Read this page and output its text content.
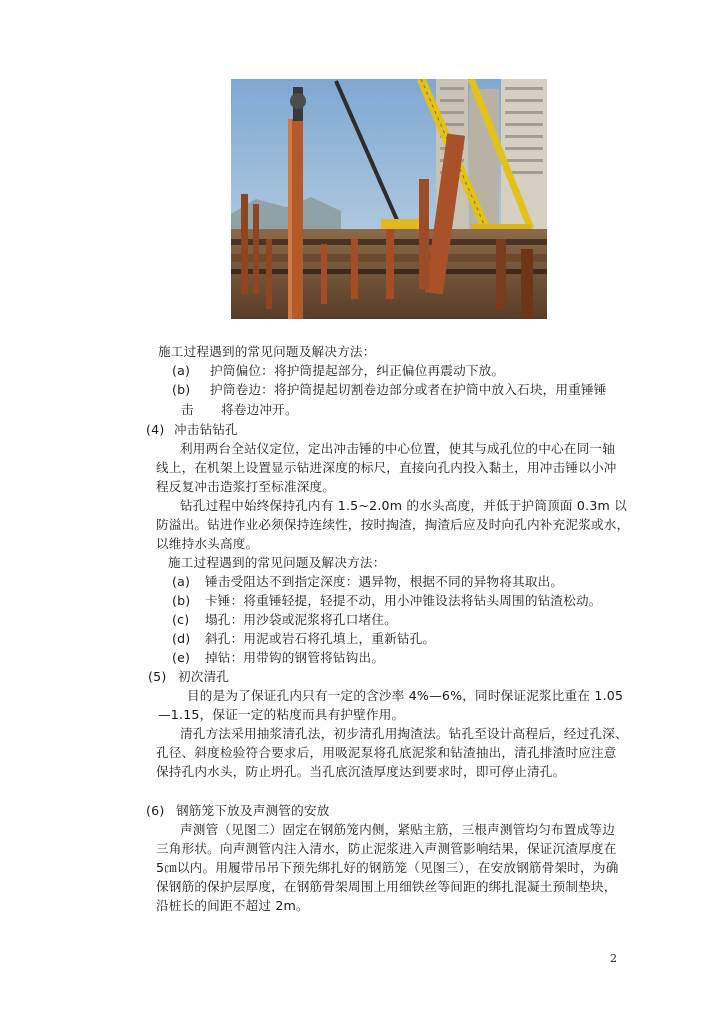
施工过程遇到的常见问题及解决方法：
(a) 护筒偏位：将护筒提起部分，纠正偏位再震动下放。
(b) 护筒卷边：将护筒提起切割卷边部分或者在护筒中放入石块，用重锤锤
击 将卷边冲开。
(4) 冲击钻钻孔
利用两台全站仪定位，定出冲击锤的中心位置，使其与成孔位的中心在同一轴
线上，在机架上设置显示钻进深度的标尺，直接向孔内投入黏土，用冲击锤以小冲
程反复冲击造浆打至标准深度。
钻孔过程中始终保持孔内有 1.5~2.0m 的水头高度，并低于护筒顶面 0.3m 以
防溢出。钻进作业必须保持连续性，按时掏渣，掏渣后应及时向孔内补充泥浆或水，
以维持水头高度。
施工过程遇到的常见问题及解决方法：
(a) 锤击受阻达不到指定深度：遇异物，根据不同的异物将其取出。
(b) 卡锤：将重锤轻提，轻提不动，用小冲锥设法将钻头周围的钻渣松动。
(c) 塌孔：用沙袋或泥浆将孔口堵住。
(d) 斜孔：用泥或岩石将孔填上，重新钻孔。
(e) 掉钻：用带钩的钢管将钻钩出。
(5) 初次清孔
目的是为了保证孔内只有一定的含沙率 4%—6%，同时保证泥浆比重在 1.05
—1.15，保证一定的粘度而具有护壁作用。
清孔方法采用抽浆清孔法，初步清孔用掏渣法。钻孔至设计高程后，经过孔深、
孔径、斜度检验符合要求后，用吸泥泵将孔底泥浆和钻渣抽出，清孔排渣时应注意
保持孔内水头，防止坍孔。当孔底沉渣厚度达到要求时，即可停止清孔。
(6) 钢筋笼下放及声测管的安放
声测管（见图二）固定在钢筋笼内侧，紧贴主筋，三根声测管均匀布置成等边
三角形状。向声测管内注入清水，防止泥浆进入声测管影响结果，保证沉渣厚度在
5㎝以内。用履带吊吊下预先绑扎好的钢筋笼（见图三），在安放钢筋骨架时，为确
保钢筋的保护层厚度，在钢筋骨架周围上用细铁丝等间距的绑扎混凝土预制垫块，
沿桩长的间距不超过 2m。
2
